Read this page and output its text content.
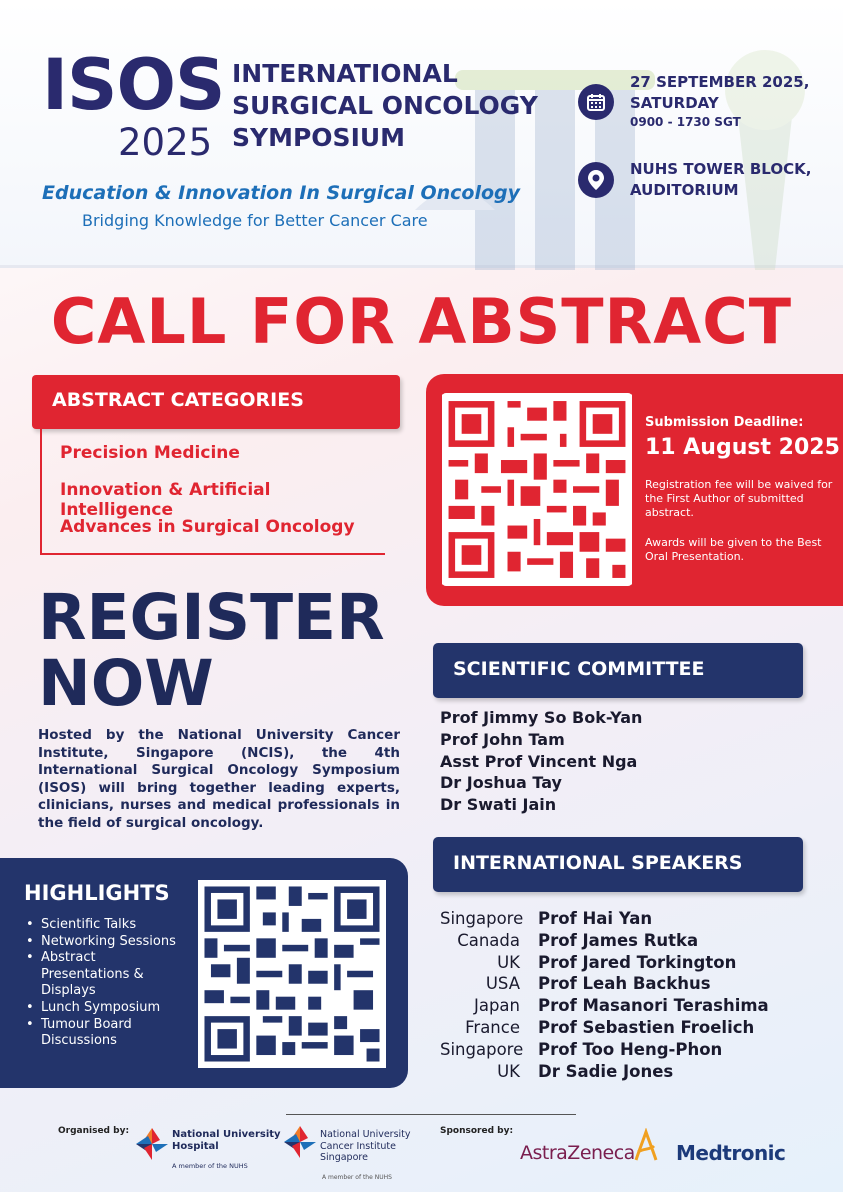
ISOS
2025
INTERNATIONAL
SURGICAL ONCOLOGY
SYMPOSIUM
Education & Innovation In Surgical Oncology
Bridging Knowledge for Better Cancer Care
27 SEPTEMBER 2025,
SATURDAY
0900 - 1730 SGT
NUHS TOWER BLOCK,
AUDITORIUM
CALL FOR ABSTRACT
ABSTRACT CATEGORIES
Precision Medicine
Innovation & Artificial Intelligence
Advances in Surgical Oncology
Submission Deadline:
11 August 2025
Registration fee will be waived for the First Author of submitted abstract.
Awards will be given to the Best Oral Presentation.
REGISTER
NOW
Hosted by the National University Cancer Institute, Singapore (NCIS), the 4th International Surgical Oncology Symposium (ISOS) will bring together leading experts, clinicians, nurses and medical professionals in the field of surgical oncology.
HIGHLIGHTS
• Scientific Talks
• Networking Sessions
• Abstract Presentations & Displays
• Lunch Symposium
• Tumour Board Discussions
SCIENTIFIC COMMITTEE
Prof Jimmy So Bok-Yan
Prof John Tam
Asst Prof Vincent Nga
Dr Joshua Tay
Dr Swati Jain
INTERNATIONAL SPEAKERS
Singapore Prof Hai Yan
Canada	Prof James Rutka
UK	Prof Jared Torkington
USA	Prof Leah Backhus
Japan	Prof Masanori Terashima
France	Prof Sebastien Froelich
Singapore Prof Too Heng-Phon
UK	Dr Sadie Jones
Organised by:	Sponsored by:
National University
Hospital
A member of the NUHS
National University
Cancer Institute
Singapore
A member of the NUHS
AstraZeneca Medtronic
